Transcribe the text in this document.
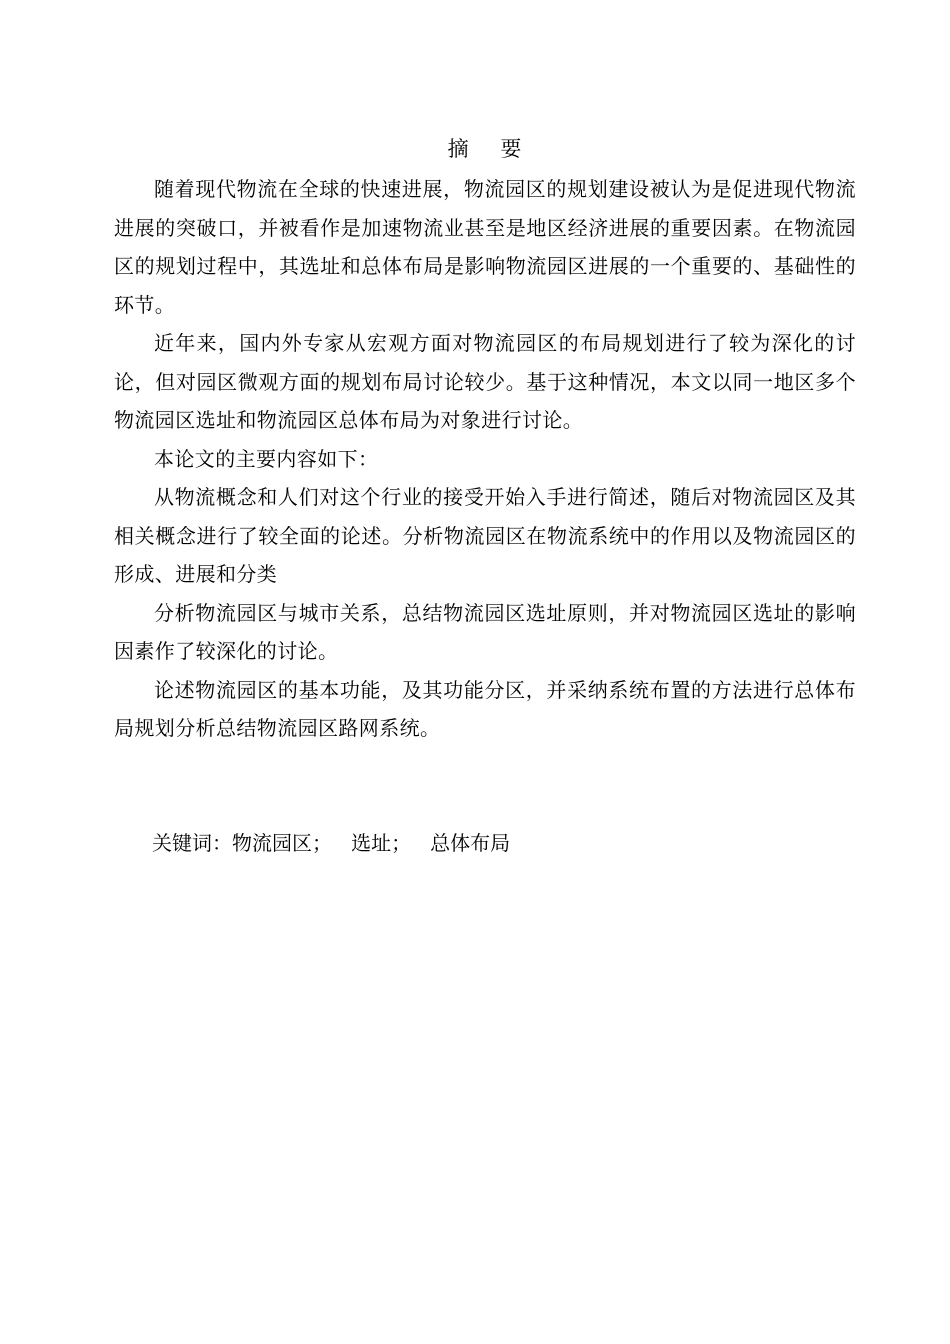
摘    要

随着现代物流在全球的快速进展，物流园区的规划建设被认为是促进现代物流进展的突破口，并被看作是加速物流业甚至是地区经济进展的重要因素。在物流园区的规划过程中，其选址和总体布局是影响物流园区进展的一个重要的、基础性的环节。

近年来，国内外专家从宏观方面对物流园区的布局规划进行了较为深化的讨论，但对园区微观方面的规划布局讨论较少。基于这种情况，本文以同一地区多个物流园区选址和物流园区总体布局为对象进行讨论。

本论文的主要内容如下：

从物流概念和人们对这个行业的接受开始入手进行简述，随后对物流园区及其相关概念进行了较全面的论述。分析物流园区在物流系统中的作用以及物流园区的形成、进展和分类

分析物流园区与城市关系，总结物流园区选址原则，并对物流园区选址的影响因素作了较深化的讨论。

论述物流园区的基本功能，及其功能分区，并采纳系统布置的方法进行总体布局规划分析总结物流园区路网系统。

关键词：物流园区； 选址； 总体布局
